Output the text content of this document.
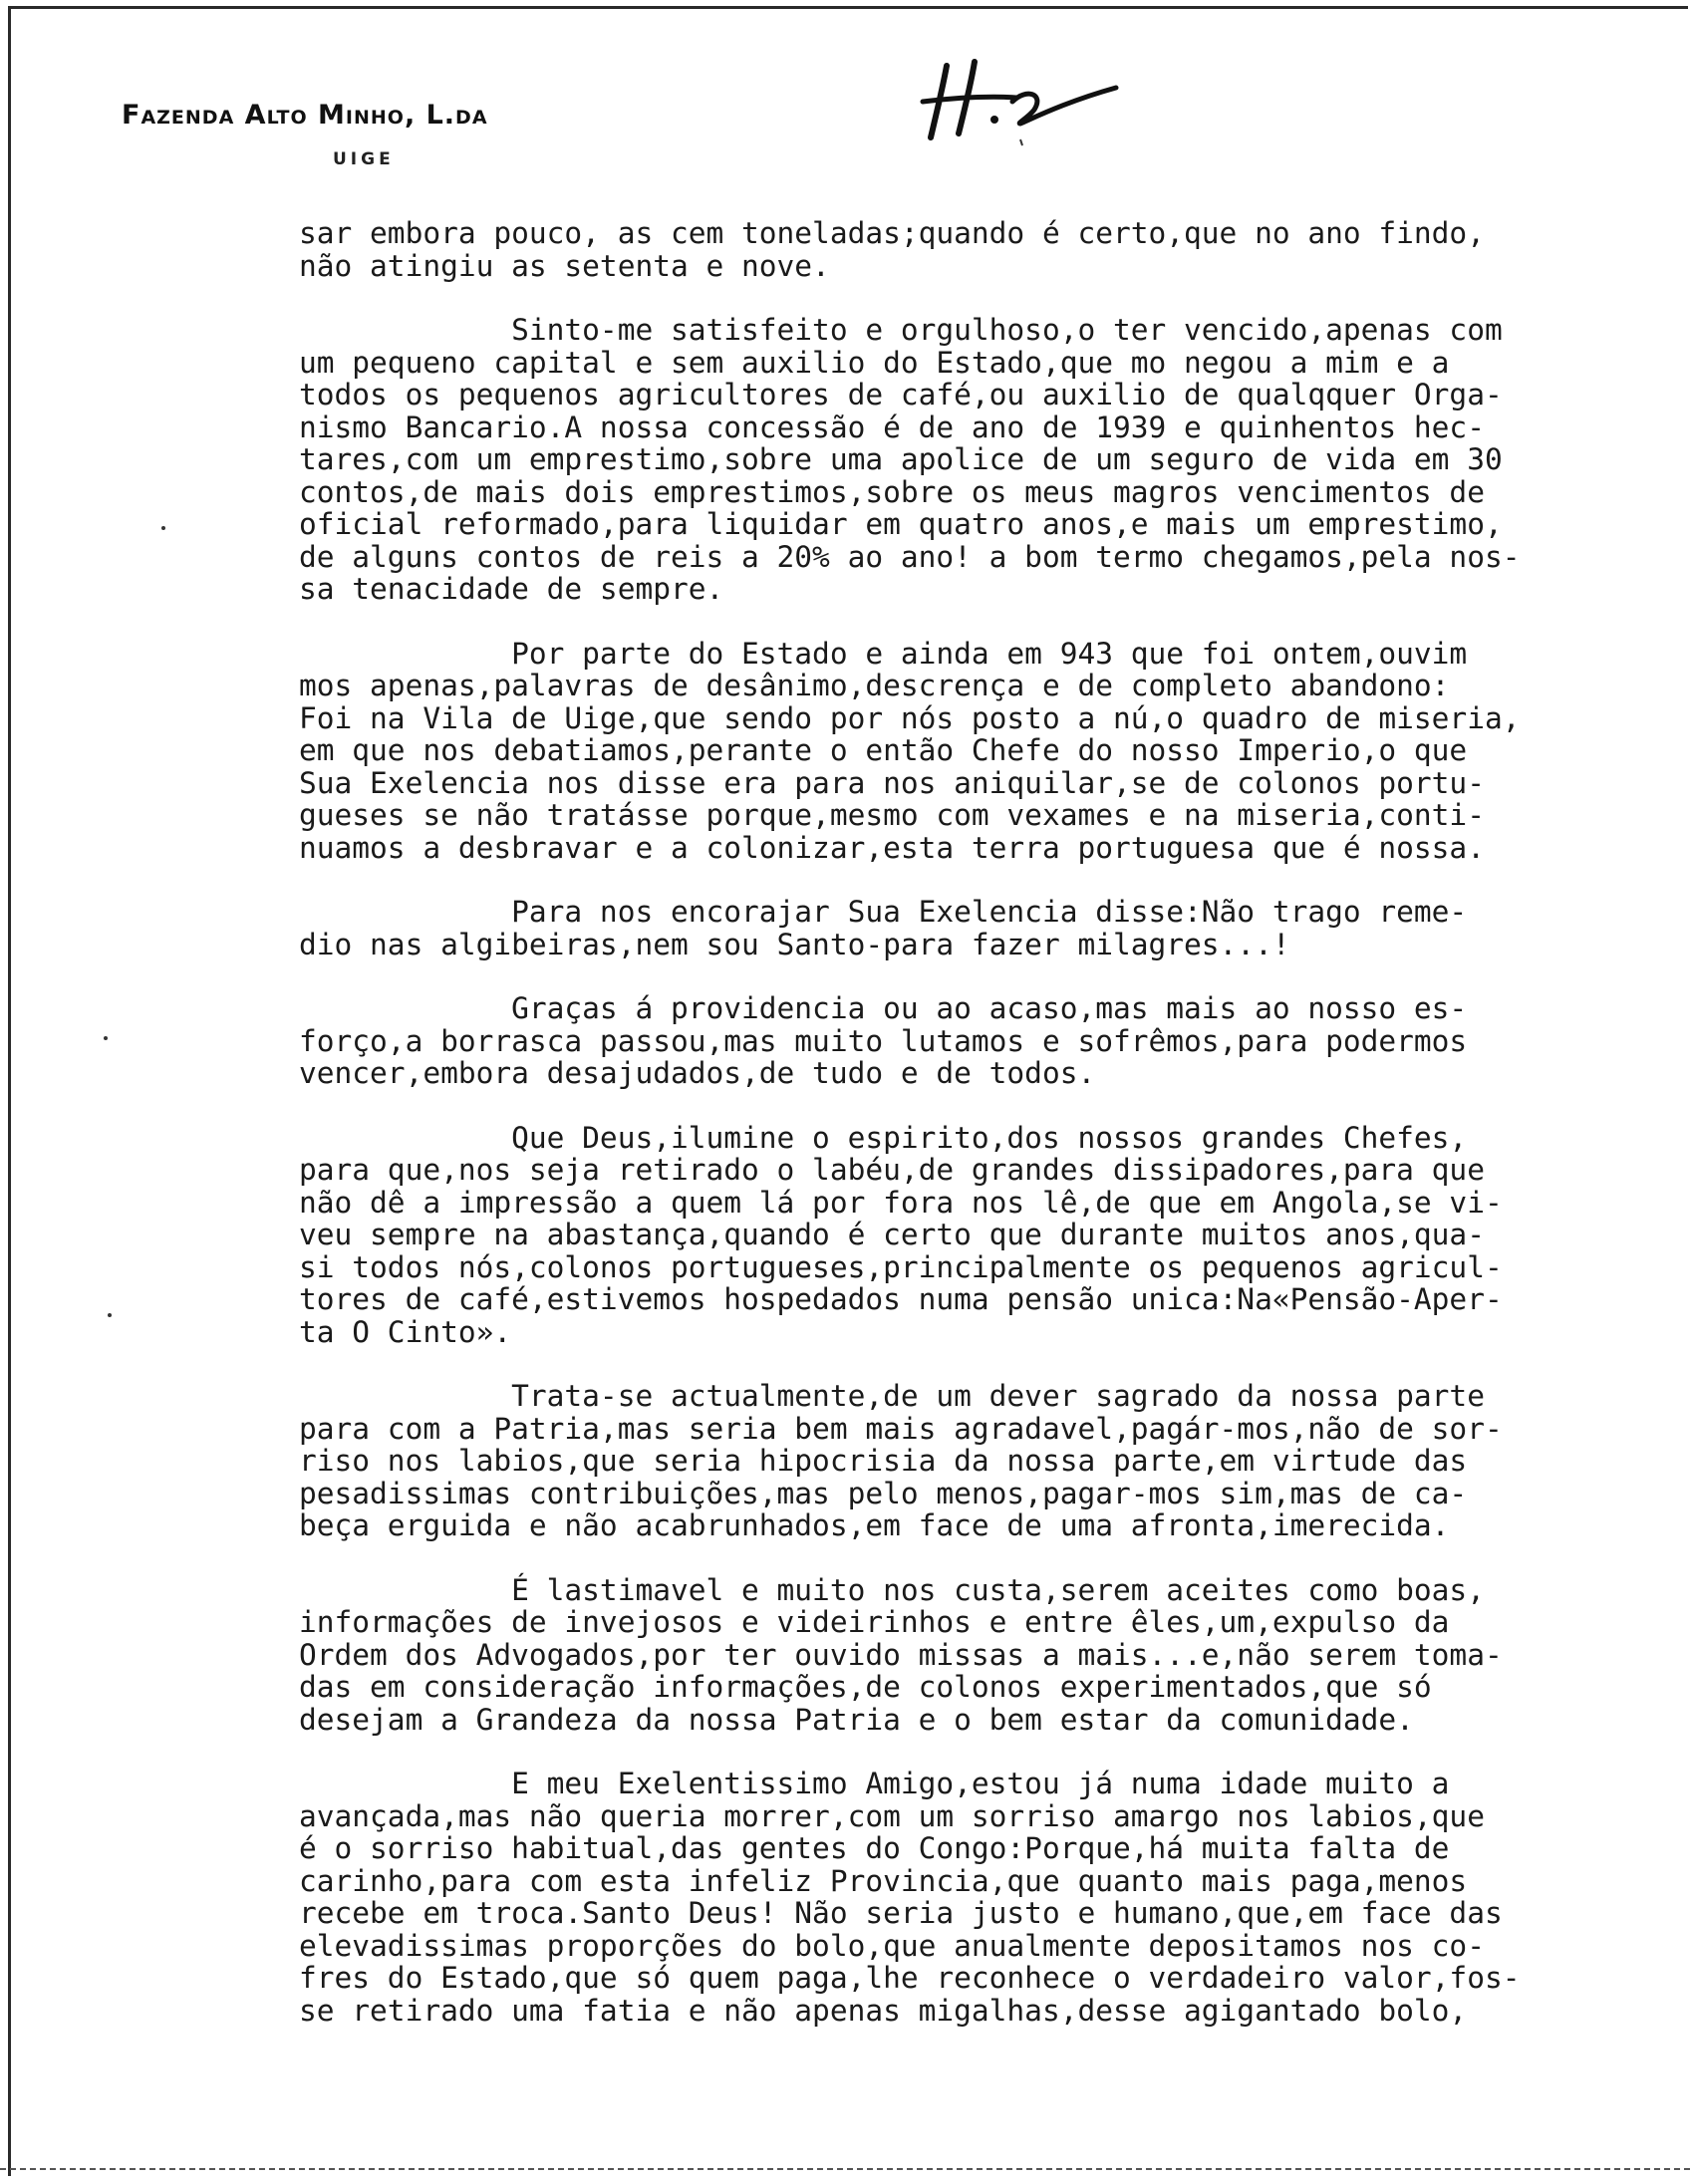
Fazenda Alto Minho, L.da
UIGE
sar embora pouco, as cem toneladas;quando é certo,que no ano findo,
não atingiu as setenta e nove.
Sinto-me satisfeito e orgulhoso,o ter vencido,apenas com
um pequeno capital e sem auxilio do Estado,que mo negou a mim e a
todos os pequenos agricultores de café,ou auxilio de qualqquer Orga-
nismo Bancario.A nossa concessão é de ano de 1939 e quinhentos hec-
tares,com um emprestimo,sobre uma apolice de um seguro de vida em 30
contos,de mais dois emprestimos,sobre os meus magros vencimentos de
oficial reformado,para liquidar em quatro anos,e mais um emprestimo,
de alguns contos de reis a 20% ao ano! a bom termo chegamos,pela nos-
sa tenacidade de sempre.
Por parte do Estado e ainda em 943 que foi ontem,ouvim
mos apenas,palavras de desânimo,descrença e de completo abandono:
Foi na Vila de Uige,que sendo por nós posto a nú,o quadro de miseria,
em que nos debatiamos,perante o então Chefe do nosso Imperio,o que
Sua Exelencia nos disse era para nos aniquilar,se de colonos portu-
gueses se não tratásse porque,mesmo com vexames e na miseria,conti-
nuamos a desbravar e a colonizar,esta terra portuguesa que é nossa.
Para nos encorajar Sua Exelencia disse:Não trago reme-
dio nas algibeiras,nem sou Santo-para fazer milagres...!
Graças á providencia ou ao acaso,mas mais ao nosso es-
forço,a borrasca passou,mas muito lutamos e sofrêmos,para podermos
vencer,embora desajudados,de tudo e de todos.
Que Deus,ilumine o espirito,dos nossos grandes Chefes,
para que,nos seja retirado o labéu,de grandes dissipadores,para que
não dê a impressão a quem lá por fora nos lê,de que em Angola,se vi-
veu sempre na abastança,quando é certo que durante muitos anos,qua-
si todos nós,colonos portugueses,principalmente os pequenos agricul-
tores de café,estivemos hospedados numa pensão unica:Na«Pensão-Aper-
ta O Cinto».
Trata-se actualmente,de um dever sagrado da nossa parte
para com a Patria,mas seria bem mais agradavel,pagár-mos,não de sor-
riso nos labios,que seria hipocrisia da nossa parte,em virtude das
pesadissimas contribuições,mas pelo menos,pagar-mos sim,mas de ca-
beça erguida e não acabrunhados,em face de uma afronta,imerecida.
É lastimavel e muito nos custa,serem aceites como boas,
informações de invejosos e videirinhos e entre êles,um,expulso da
Ordem dos Advogados,por ter ouvido missas a mais...e,não serem toma-
das em consideração informações,de colonos experimentados,que só
desejam a Grandeza da nossa Patria e o bem estar da comunidade.
E meu Exelentissimo Amigo,estou já numa idade muito a
avançada,mas não queria morrer,com um sorriso amargo nos labios,que
é o sorriso habitual,das gentes do Congo:Porque,há muita falta de
carinho,para com esta infeliz Provincia,que quanto mais paga,menos
recebe em troca.Santo Deus! Não seria justo e humano,que,em face das
elevadissimas proporções do bolo,que anualmente depositamos nos co-
fres do Estado,que só quem paga,lhe reconhece o verdadeiro valor,fos-
se retirado uma fatia e não apenas migalhas,desse agigantado bolo,
